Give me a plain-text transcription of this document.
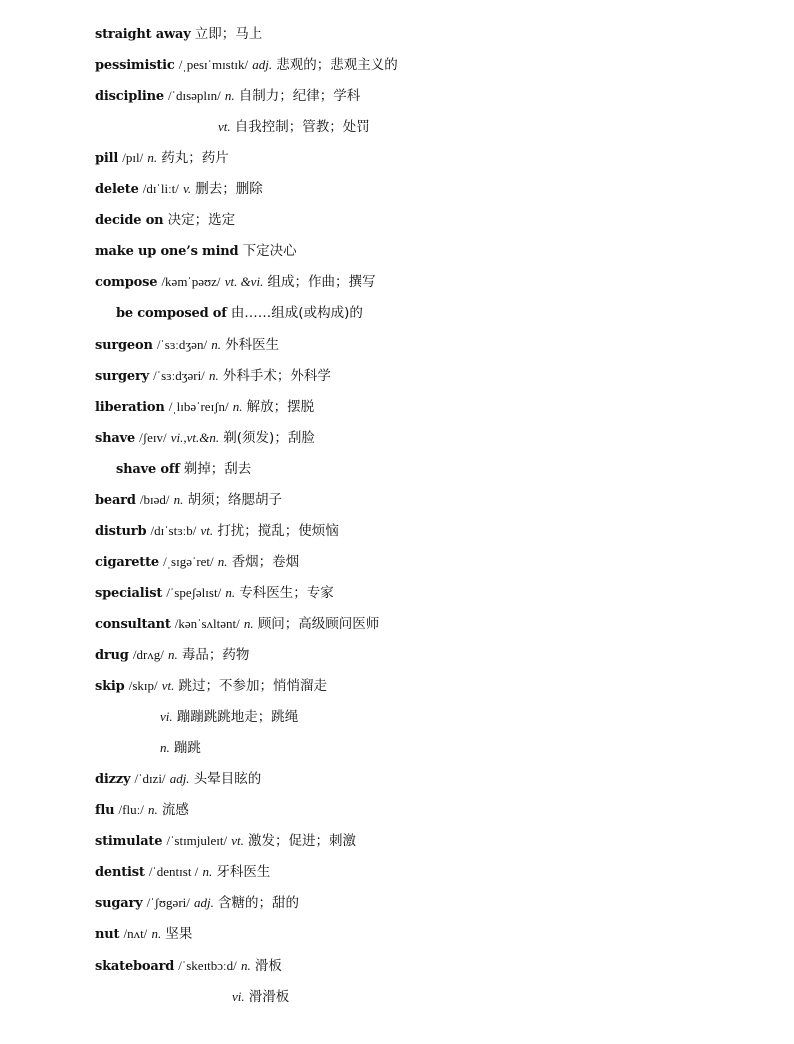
straight away 立即；马上
pessimistic /ˌpesɪˈmɪstɪk/ adj. 悲观的；悲观主义的
discipline /ˈdɪsəplɪn/ n. 自制力；纪律；学科
vt. 自我控制；管教；处罚
pill /pɪl/ n. 药丸；药片
delete /dɪˈliːt/ v. 删去；删除
decide on 决定；选定
make up one’s mind 下定决心
compose /kəmˈpəʊz/ vt. &vi. 组成；作曲；撰写
be composed of 由……组成(或构成)的
surgeon /ˈsɜːdʒən/ n. 外科医生
surgery /ˈsɜːdʒəri/ n. 外科手术；外科学
liberation /ˌlɪbəˈreɪʃn/ n. 解放；摆脱
shave /ʃeɪv/ vi.,vt.&n. 剃(须发)；刮脸
shave off 剃掉；刮去
beard /bɪəd/ n. 胡须；络腮胡子
disturb /dɪˈstɜːb/ vt. 打扰；搅乱；使烦恼
cigarette /ˌsɪgəˈret/ n. 香烟；卷烟
specialist /ˈspeʃəlɪst/ n. 专科医生；专家
consultant /kənˈsʌltənt/ n. 顾问；高级顾问医师
drug /drʌg/ n. 毒品；药物
skip /skɪp/ vt. 跳过；不参加；悄悄溜走
vi. 蹦蹦跳跳地走；跳绳
n. 蹦跳
dizzy /ˈdɪzi/ adj. 头晕目眩的
flu /fluː/ n. 流感
stimulate /ˈstɪmjuleɪt/ vt. 激发；促进；刺激
dentist /ˈdentɪst / n. 牙科医生
sugary /ˈʃʊgəri/ adj. 含糖的；甜的
nut /nʌt/ n. 坚果
skateboard /ˈskeɪtbɔːd/ n. 滑板
vi. 滑滑板
